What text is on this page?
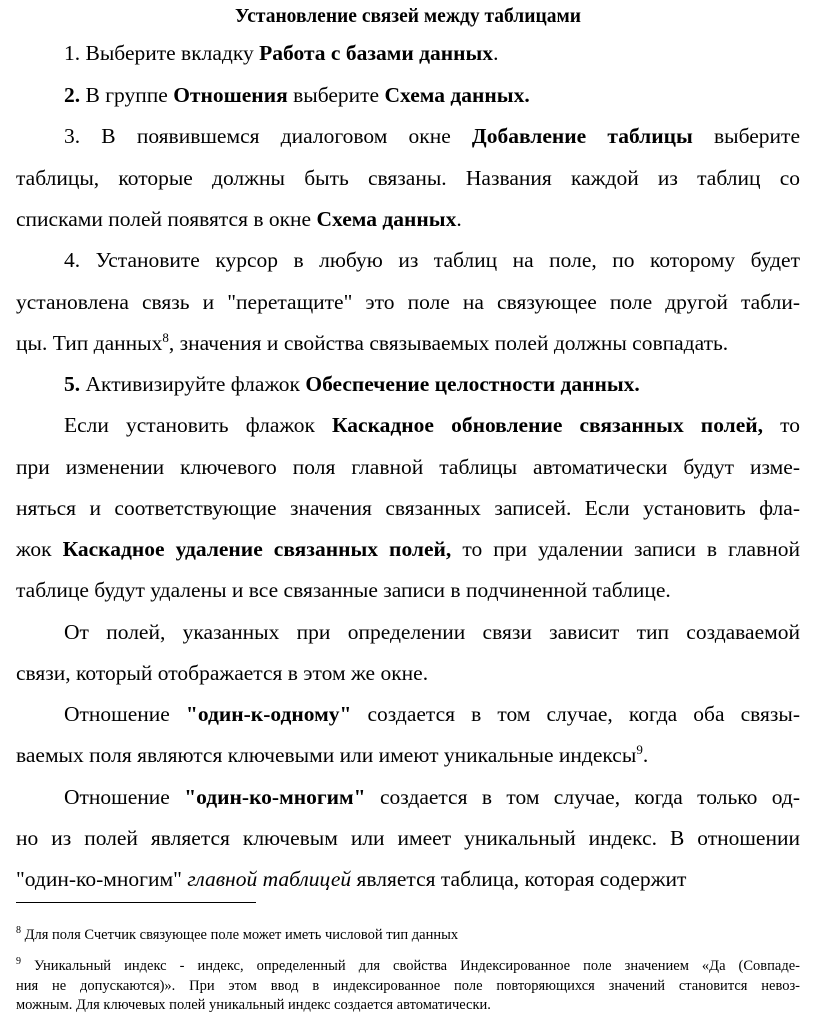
Установление связей между таблицами

1. Выберите вкладку Работа с базами данных.

2. В группе Отношения выберите Схема данных.

3. В появившемся диалоговом окне Добавление таблицы выберите

таблицы, которые должны быть связаны. Названия каждой из таблиц со

списками полей появятся в окне Схема данных.

4. Установите курсор в любую из таблиц на поле, по которому будет

установлена связь и "перетащите" это поле на связующее поле другой табли-

цы. Тип данных$^8$, значения и свойства связываемых полей должны совпадать.

5. Активизируйте флажок Обеспечение целостности данных.

Если установить флажок Каскадное обновление связанных полей, то

при изменении ключевого поля главной таблицы автоматически будут изме-

няться и соответствующие значения связанных записей. Если установить фла-

жок Каскадное удаление связанных полей, то при удалении записи в главной

таблице будут удалены и все связанные записи в подчиненной таблице.

От полей, указанных при определении связи зависит тип создаваемой

связи, который отображается в этом же окне.

Отношение "один-к-одному" создается в том случае, когда оба связы-

ваемых поля являются ключевыми или имеют уникальные индексы$^9$.

Отношение "один-ко-многим" создается в том случае, когда только од-

но из полей является ключевым или имеет уникальный индекс. В отношении

"один-ко-многим" главной таблицей является таблица, которая содержит

$^8$ Для поля Счетчик связующее поле может иметь числовой тип данных

$^9$ Уникальный индекс - индекс, определенный для свойства Индексированное поле значением «Да (Совпаде-

ния не допускаются)». При этом ввод в индексированное поле повторяющихся значений становится невоз-

можным. Для ключевых полей уникальный индекс создается автоматически.
